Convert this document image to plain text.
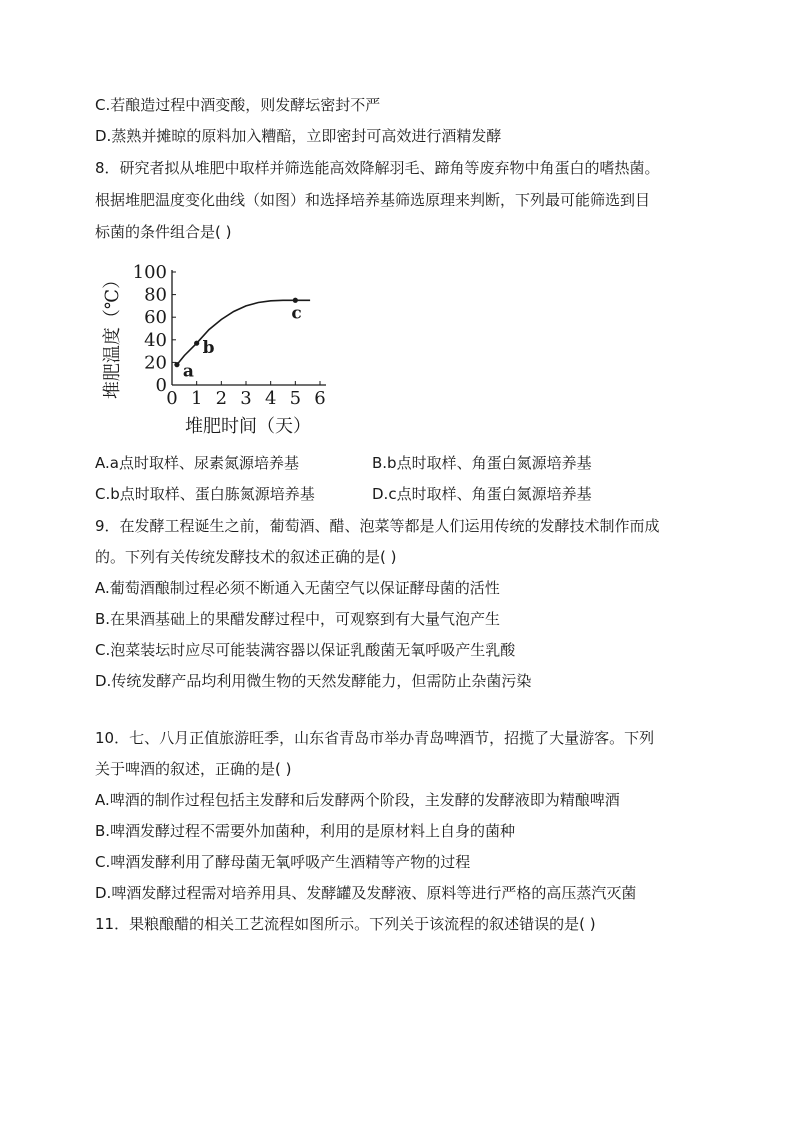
C.若酿造过程中酒变酸，则发酵坛密封不严
D.蒸熟并摊晾的原料加入糟醅，立即密封可高效进行酒精发酵
8．研究者拟从堆肥中取样并筛选能高效降解羽毛、蹄角等废弃物中角蛋白的嗜热菌。
根据堆肥温度变化曲线（如图）和选择培养基筛选原理来判断，下列最可能筛选到目
标菌的条件组合是( )
0
20
40
60
80
100
0 1 2 3 4 5 6
a
b
c
堆肥温度（℃）
堆肥时间（天）
A.a点时取样、尿素氮源培养基	B.b点时取样、角蛋白氮源培养基
C.b点时取样、蛋白胨氮源培养基	D.c点时取样、角蛋白氮源培养基
9．在发酵工程诞生之前，葡萄酒、醋、泡菜等都是人们运用传统的发酵技术制作而成
的。下列有关传统发酵技术的叙述正确的是( )
A.葡萄酒酿制过程必须不断通入无菌空气以保证酵母菌的活性
B.在果酒基础上的果醋发酵过程中，可观察到有大量气泡产生
C.泡菜装坛时应尽可能装满容器以保证乳酸菌无氧呼吸产生乳酸
D.传统发酵产品均利用微生物的天然发酵能力，但需防止杂菌污染
10．七、八月正值旅游旺季，山东省青岛市举办青岛啤酒节，招揽了大量游客。下列
关于啤酒的叙述，正确的是( )
A.啤酒的制作过程包括主发酵和后发酵两个阶段，主发酵的发酵液即为精酿啤酒
B.啤酒发酵过程不需要外加菌种，利用的是原材料上自身的菌种
C.啤酒发酵利用了酵母菌无氧呼吸产生酒精等产物的过程
D.啤酒发酵过程需对培养用具、发酵罐及发酵液、原料等进行严格的高压蒸汽灭菌
11．果粮酿醋的相关工艺流程如图所示。下列关于该流程的叙述错误的是( )
